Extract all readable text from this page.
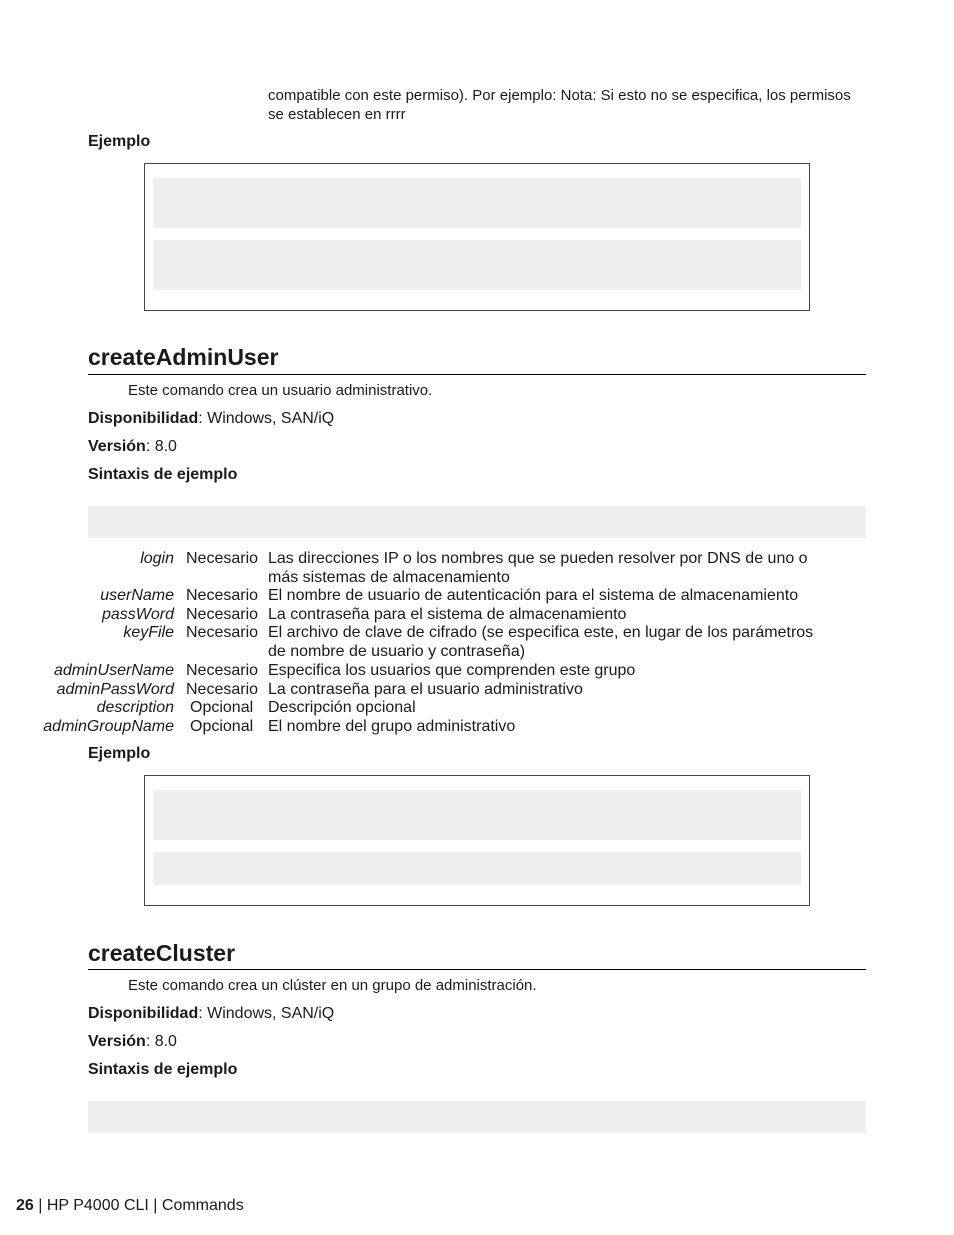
compatible con este permiso). Por ejemplo: Nota: Si esto no se especifica, los permisos se establecen en rrrr
Ejemplo
createAdminUser
Este comando crea un usuario administrativo.
Disponibilidad: Windows, SAN/iQ
Versión: 8.0
Sintaxis de ejemplo
login Necesario Las direcciones IP o los nombres que se pueden resolver por DNS de uno o más sistemas de almacenamiento
userName Necesario El nombre de usuario de autenticación para el sistema de almacenamiento
passWord Necesario La contraseña para el sistema de almacenamiento
keyFile Necesario El archivo de clave de cifrado (se especifica este, en lugar de los parámetros de nombre de usuario y contraseña)
adminUserName Necesario Especifica los usuarios que comprenden este grupo
adminPassWord Necesario La contraseña para el usuario administrativo
description Opcional Descripción opcional
adminGroupName Opcional El nombre del grupo administrativo
Ejemplo
createCluster
Este comando crea un clúster en un grupo de administración.
Disponibilidad: Windows, SAN/iQ
Versión: 8.0
Sintaxis de ejemplo
26 | HP P4000 CLI | Commands
